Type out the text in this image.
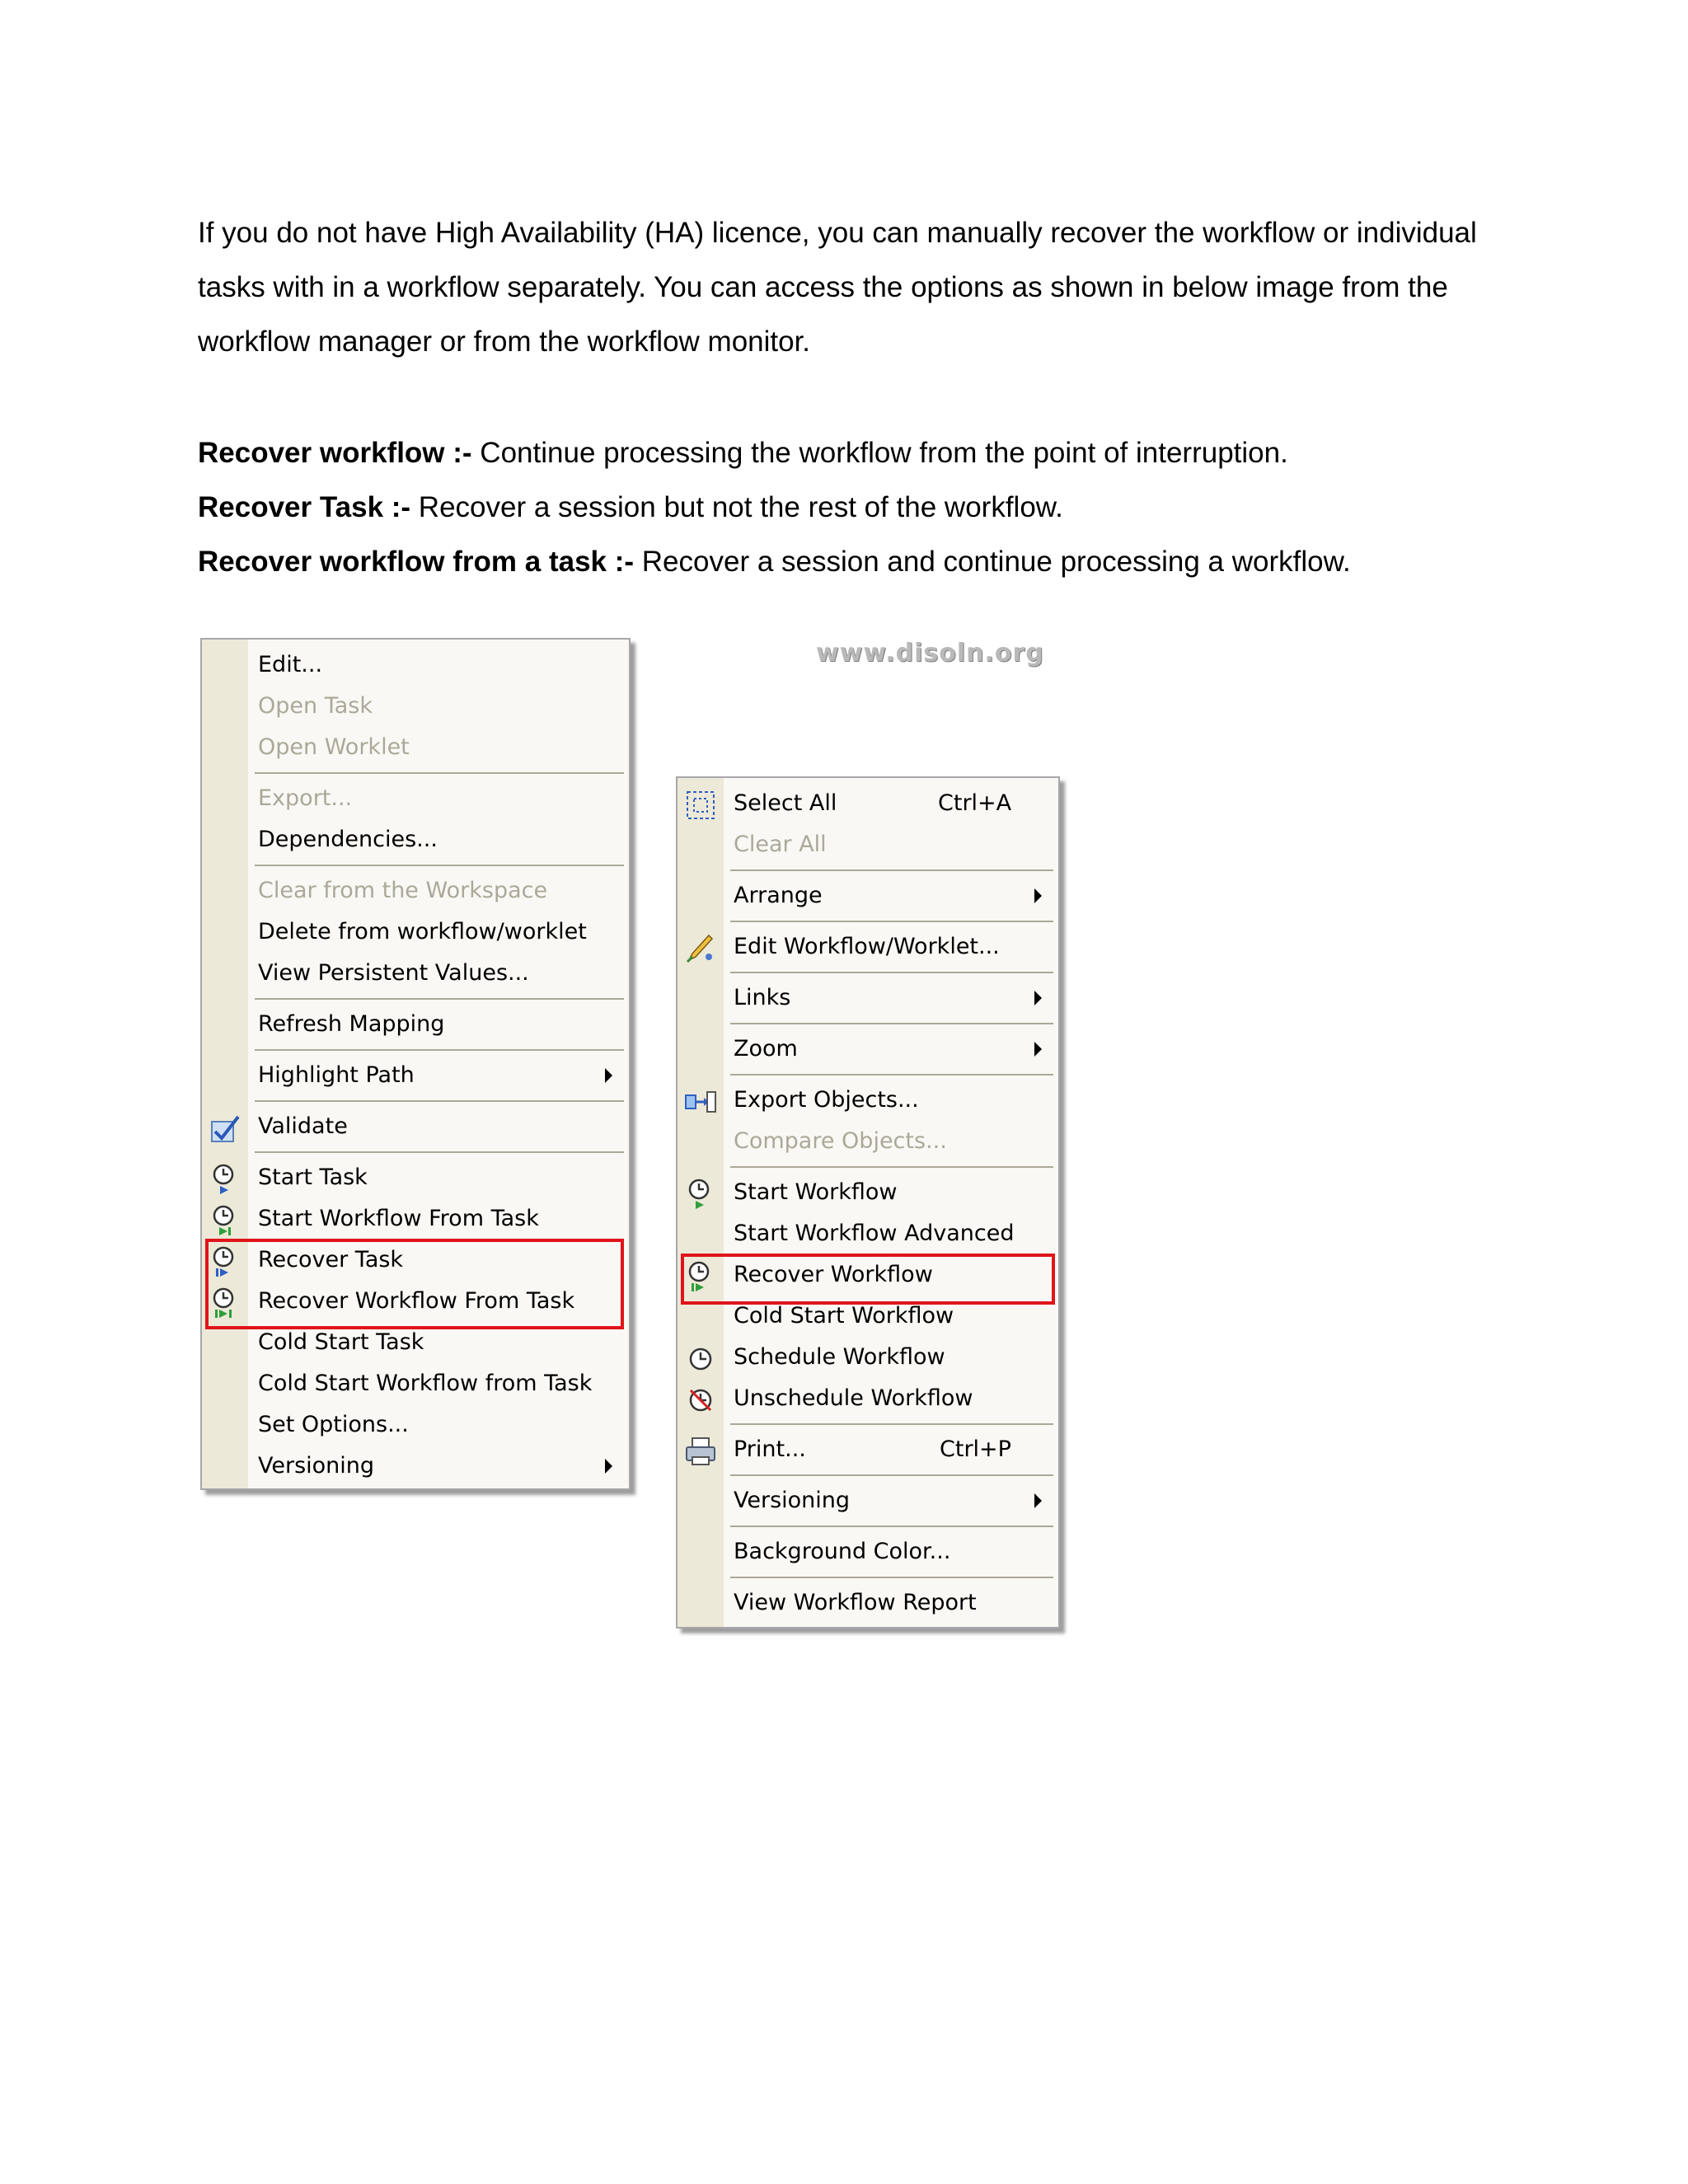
If you do not have High Availability (HA) licence, you can manually recover the workflow or individual
tasks with in a workflow separately. You can access the options as shown in below image from the
workflow manager or from the workflow monitor.
Recover workflow :- Continue processing the workflow from the point of interruption.
Recover Task :- Recover a session but not the rest of the workflow.
Recover workflow from a task :- Recover a session and continue processing a workflow.
www.disoln.org
Edit...
Open Task
Open Worklet
Export...
Dependencies...
Clear from the Workspace
Delete from workflow/worklet
View Persistent Values...
Refresh Mapping
Highlight Path
Validate
Start Task
Start Workflow From Task
Recover Task
Recover Workflow From Task
Cold Start Task
Cold Start Workflow from Task
Set Options...
Versioning
Select All	Ctrl+A
Clear All
Arrange
Edit Workflow/Worklet...
Links
Zoom
Export Objects...
Compare Objects...
Start Workflow
Start Workflow Advanced
Recover Workflow
Cold Start Workflow
Schedule Workflow
Unschedule Workflow
Print...	Ctrl+P
Versioning
Background Color...
View Workflow Report
